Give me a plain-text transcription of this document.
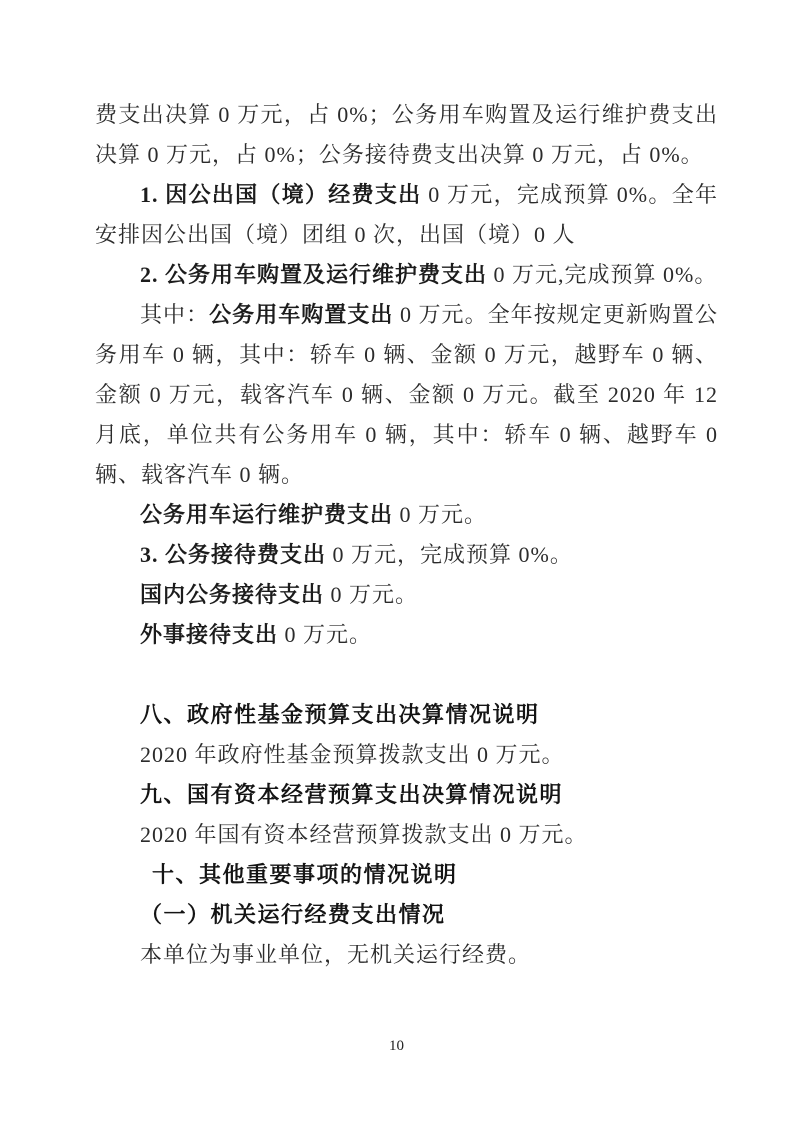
费支出决算 0 万元，占 0%；公务用车购置及运行维护费支出决算 0 万元，占 0%；公务接待费支出决算 0 万元，占 0%。

1. 因公出国（境）经费支出 0 万元，完成预算 0%。全年安排因公出国（境）团组 0 次，出国（境）0 人

2. 公务用车购置及运行维护费支出 0 万元,完成预算 0%。

其中：公务用车购置支出 0 万元。全年按规定更新购置公务用车 0 辆，其中：轿车 0 辆、金额 0 万元，越野车 0 辆、金额 0 万元，载客汽车 0 辆、金额 0 万元。截至 2020 年 12 月底，单位共有公务用车 0 辆，其中：轿车 0 辆、越野车 0 辆、载客汽车 0 辆。

公务用车运行维护费支出 0 万元。

3. 公务接待费支出 0 万元，完成预算 0%。

国内公务接待支出 0 万元。

外事接待支出 0 万元。

八、政府性基金预算支出决算情况说明

2020 年政府性基金预算拨款支出 0 万元。

九、国有资本经营预算支出决算情况说明

2020 年国有资本经营预算拨款支出 0 万元。

十、其他重要事项的情况说明

（一）机关运行经费支出情况

本单位为事业单位，无机关运行经费。

10
